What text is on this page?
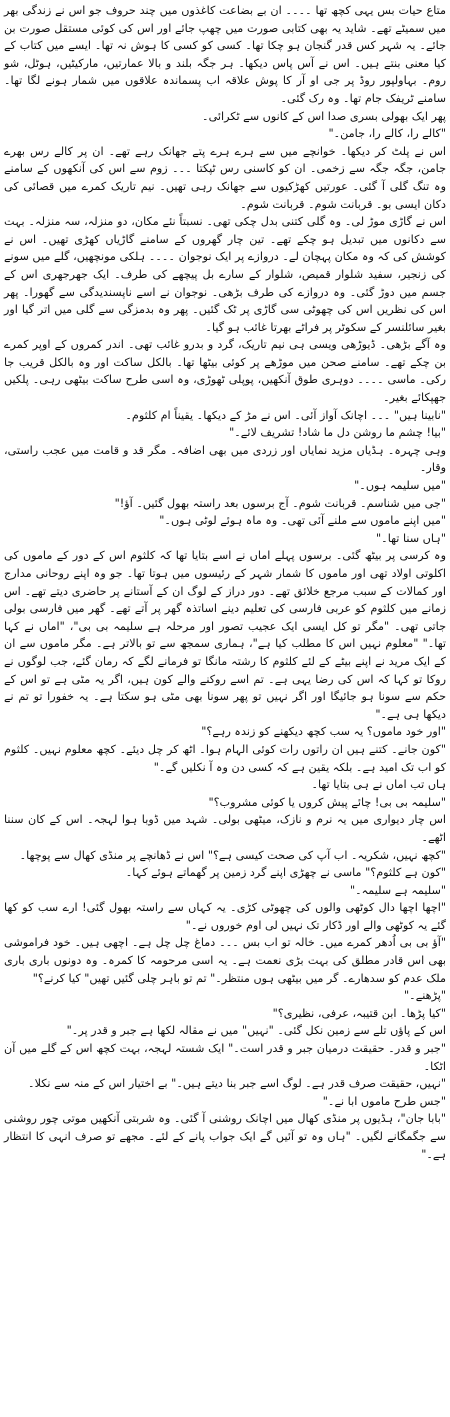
متاع حیات بس یہی کچھ تھا ۔۔۔۔ ان بے بضاعت کاغذوں میں چند حروف جو اس نے زندگی بھر میں سمیٹے تھے۔ شاید یہ بھی کتابی صورت میں چھپ جائے اور اس کی کوئی مستقل صورت بن جائے۔ یہ شہر کس قدر گنجان ہو چکا تھا۔ کسی کو کسی کا ہوش نہ تھا۔ ایسے میں کتاب کے کیا معنی بنتے ہیں۔ اس نے آس پاس دیکھا۔ ہر جگہ بلند و بالا عمارتیں، مارکیٹیں، ہوٹل، شو روم۔ بہاولپور روڈ پر جی او آر کا پوش علاقہ اب پسماندہ علاقوں میں شمار ہونے لگا تھا۔ سامنے ٹریفک جام تھا۔ وہ رک گئی۔

پھر ایک بھولی بسری صدا اس کے کانوں سے ٹکرائی۔

"کالے را، کالے را، جامن۔"

اس نے پلٹ کر دیکھا۔ خوانچے میں سے ہرے ہرے پتے جھانک رہے تھے۔ ان پر کالے رس بھرے جامن، جگہ جگہ سے زخمی۔ ان کو کاسنی رس ٹپکتا ۔۔۔ زوم سے اس کی آنکھوں کے سامنے وہ تنگ گلی آ گئی۔ عورتیں کھڑکیوں سے جھانک رہی تھیں۔ نیم تاریک کمرے میں قصائی کی دکان ایسی بو۔ قربانت شوم۔ قربانت شوم۔

اس نے گاڑی موڑ لی۔ وہ گلی کتنی بدل چکی تھی۔ نسبتاً نئے مکان، دو منزلہ، سہ منزلہ۔ بہت سے دکانوں میں تبدیل ہو چکے تھے۔ تین چار گھروں کے سامنے گاڑیاں کھڑی تھیں۔ اس نے کوشش کی کہ وہ مکان پہچان لے۔ دروازے پر ایک نوجوان ۔۔۔۔ ہلکی مونچھیں، گلے میں سونے کی زنجیر، سفید شلوار قمیص، شلوار کے سارے بل پیچھے کی طرف۔ ایک جھرجھری اس کے جسم میں دوڑ گئی۔ وہ دروازے کی طرف بڑھی۔ نوجوان نے اسے ناپسندیدگی سے گھورا۔ پھر اس کی نظریں اس کی چھوٹی سی گاڑی پر ٹک گئیں۔ پھر وہ بدمزگی سے گلی میں اتر گیا اور بغیر سائلنسر کے سکوٹر پر فراٹے بھرتا غائب ہو گیا۔

وہ آگے بڑھی۔ ڈیوڑھی ویسی ہی نیم تاریک، گرد و بدرو غائب تھی۔ اندر کمروں کے اوپر کمرے بن چکے تھے۔ سامنے صحن میں موڑھے پر کوئی بیٹھا تھا۔ بالکل ساکت اور وہ بالکل قریب جا رکی۔ ماسی ۔۔۔۔ دوہری طوق آنکھیں، پوپلی ٹھوڑی، وہ اسی طرح ساکت بیٹھی رہی۔ پلکیں جھپکائے بغیر۔

"نابینا ہیں" ۔۔۔ اچانک آواز آئی۔ اس نے مڑ کے دیکھا۔ یقیناً ام کلثوم۔

"بیا! چشم ما روشن دل ما شاد! تشریف لائے۔"

وہی چہرہ۔ ہڈیاں مزید نمایاں اور زردی میں بھی اضافہ۔ مگر قد و قامت میں عجب راستی، وقار۔

"میں سلیمہ ہوں۔"

"جی میں شناسم۔ قربانت شوم۔ آج برسوں بعد راستہ بھول گئیں۔ آؤ!"

"میں اپنے ماموں سے ملنے آئی تھی۔ وہ ماہ ہوئے لوٹی ہوں۔"

"ہاں سنا تھا۔"

وہ کرسی پر بیٹھ گئی۔ برسوں پہلے اماں نے اسے بتایا تھا کہ کلثوم اس کے دور کے ماموں کی اکلوتی اولاد تھی اور ماموں کا شمار شہر کے رئیسوں میں ہوتا تھا۔ جو وہ اپنے روحانی مدارج اور کمالات کے سبب مرجع خلائق تھے۔ دور دراز کے لوگ ان کے آستانے پر حاضری دیتے تھے۔ اس زمانے میں کلثوم کو عربی فارسی کی تعلیم دینے اساتذہ گھر پر آتے تھے۔ گھر میں فارسی بولی جاتی تھی۔ "مگر تو کل ایسی ایک عجیب تصور اور مرحلہ ہے سلیمہ بی بی"، "اماں نے کہا تھا۔" "معلوم نہیں اس کا مطلب کیا ہے"، ہماری سمجھ سے تو بالاتر ہے۔ مگر ماموں سے ان کے ایک مرید نے اپنے بیٹے کے لئے کلثوم کا رشتہ مانگا تو فرمانے لگے کہ رمان گئے، جب لوگوں نے روکا تو کہا کہ اس کی رضا یہی ہے۔ تم اسے روکنے والے کون ہیں، اگر یہ مٹی ہے تو اس کے حکم سے سونا ہو جائیگا اور اگر نہیں تو پھر سونا بھی مٹی ہو سکتا ہے۔ یہ خفورا تو تم نے دیکھا ہی ہے۔"

"اور خود ماموں؟ یہ سب کچھ دیکھنے کو زندہ رہے؟"

"کون جانے۔ کتنے ہیں ان راتوں رات کوئی الہام ہوا۔ اٹھ کر چل دیئے۔ کچھ معلوم نہیں۔ کلثوم کو اب تک امید ہے۔ بلکہ یقین ہے کہ کسی دن وہ آ نکلیں گے۔"

ہاں تب اماں نے ہی بتایا تھا۔

"سلیمہ بی بی! چائے پیش کروں یا کوئی مشروب؟"

اس چار دیواری میں یہ نرم و نازک، میٹھی بولی۔ شہد میں ڈوبا ہوا لہجہ۔ اس کے کان سننا اٹھے۔

"کچھ نہیں، شکریہ۔ اب آپ کی صحت کیسی ہے؟" اس نے ڈھانچے پر منڈی کھال سے پوچھا۔

"کون ہے کلثوم؟" ماسی نے چھڑی اپنے گرد زمین پر گھماتے ہوئے کہا۔

"سلیمہ ہے سلیمہ۔"

"اچھا اچھا دال کوٹھی والوں کی چھوٹی کڑی۔ یہ کہاں سے راستہ بھول گئی! ارے سب کو کھا گئے یہ کوٹھی والے اور ڈکار تک نہیں لی اوم خوروں نے۔"

"آؤ بی بی اُدھر کمرے میں۔ خالہ تو اب بس ۔۔۔ دماغ چل چل ہے۔ اچھی ہیں۔ خود فراموشی بھی اس قادر مطلق کی بہت بڑی نعمت ہے۔ یہ اسی مرحومہ کا کمرہ۔ وہ دونوں باری باری ملک عدم کو سدھارے۔ گر میں بیٹھی ہوں منتظر۔" تم تو باہر چلی گئیں تھیں" کیا کرنے؟"

"پڑھنے۔"

"کیا پڑھا۔ ابن قتیبہ، عرفی، نظیری؟"

اس کے پاؤں تلے سے زمین نکل گئی۔ "نہیں" میں نے مقالہ لکھا ہے جبر و قدر پر۔"

"جبر و قدر۔ حقیقت درمیان جبر و قدر است۔" ایک شستہ لہجہ، بہت کچھ اس کے گلے میں آن اٹکا۔

"نہیں، حقیقت صرف قدر ہے۔ لوگ اسے جبر بنا دیتے ہیں۔" بے اختیار اس کے منہ سے نکلا۔

"جس طرح ماموں ابا نے۔"

"بابا جان"، ہڈیوں پر منڈی کھال میں اچانک روشنی آ گئی۔ وہ شربتی آنکھیں موتی چور روشنی سے جگمگانے لگیں۔ "ہاں وہ تو آئیں گے ایک جواب پانے کے لئے۔ مجھے تو صرف انہی کا انتظار ہے۔"
